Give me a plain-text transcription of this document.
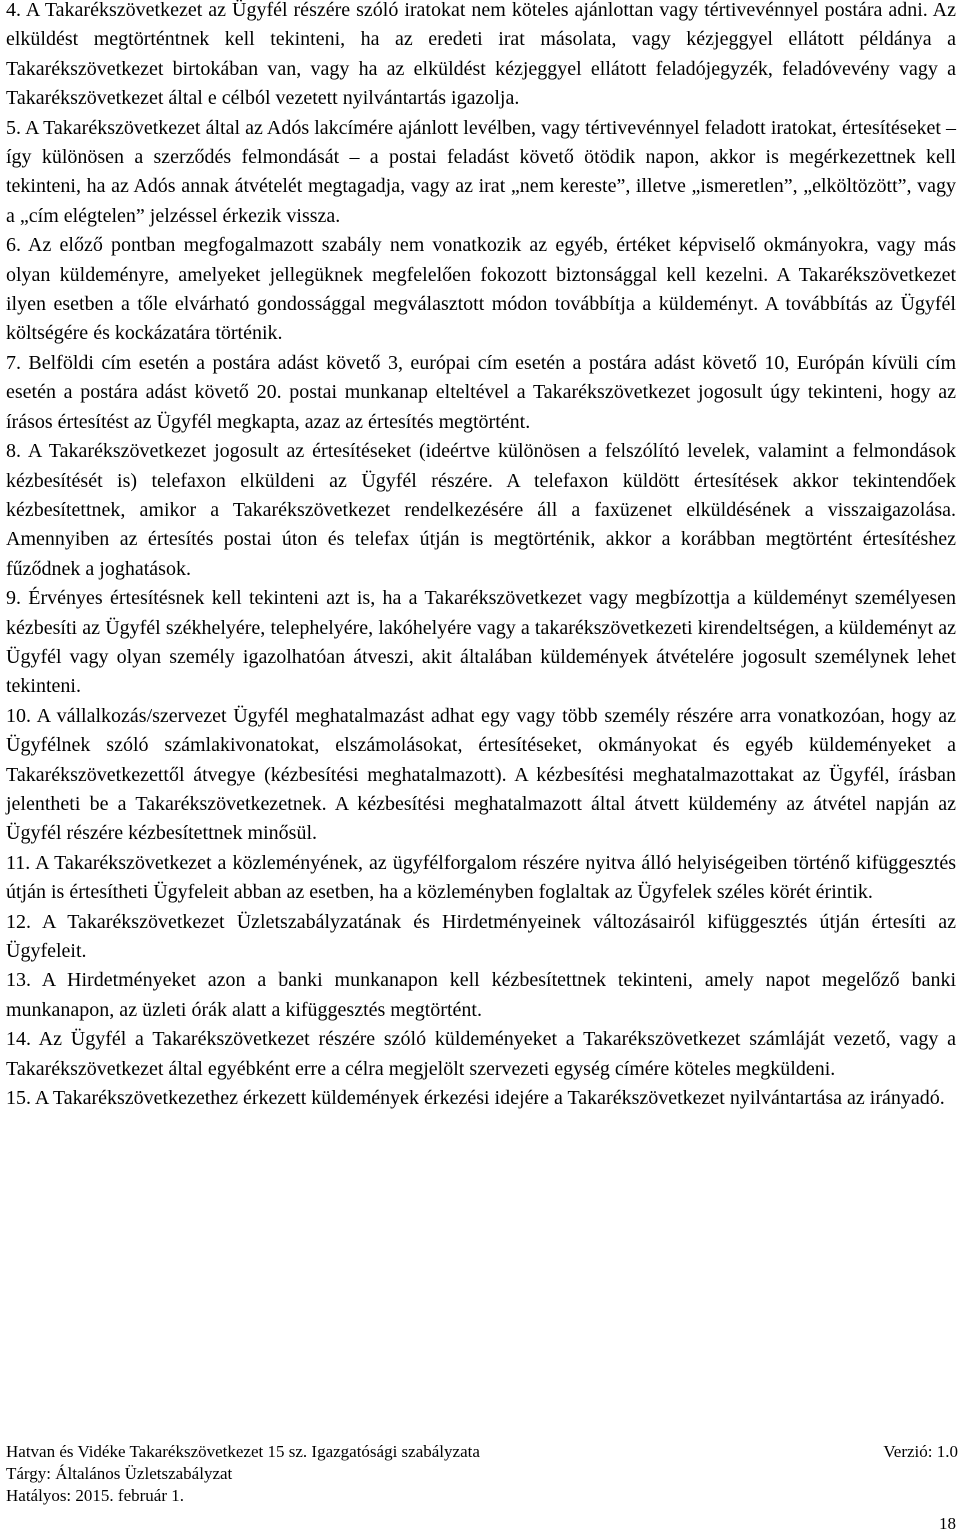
4. A Takarékszövetkezet az Ügyfél részére szóló iratokat nem köteles ajánlottan vagy tértivevénnyel postára adni. Az elküldést megtörténtnek kell tekinteni, ha az eredeti irat másolata, vagy kézjeggyel ellátott példánya a Takarékszövetkezet birtokában van, vagy ha az elküldést kézjeggyel ellátott feladójegyzék, feladóvevény vagy a Takarékszövetkezet által e célból vezetett nyilvántartás igazolja.

5. A Takarékszövetkezet által az Adós lakcímére ajánlott levélben, vagy tértivevénnyel feladott iratokat, értesítéseket – így különösen a szerződés felmondását – a postai feladást követő ötödik napon, akkor is megérkezettnek kell tekinteni, ha az Adós annak átvételét megtagadja, vagy az irat „nem kereste”, illetve „ismeretlen”, „elköltözött”, vagy a „cím elégtelen” jelzéssel érkezik vissza.

6. Az előző pontban megfogalmazott szabály nem vonatkozik az egyéb, értéket képviselő okmányokra, vagy más olyan küldeményre, amelyeket jellegüknek megfelelően fokozott biztonsággal kell kezelni. A Takarékszövetkezet ilyen esetben a tőle elvárható gondossággal megválasztott módon továbbítja a küldeményt. A továbbítás az Ügyfél költségére és kockázatára történik.

7. Belföldi cím esetén a postára adást követő 3, európai cím esetén a postára adást követő 10, Európán kívüli cím esetén a postára adást követő 20. postai munkanap elteltével a Takarékszövetkezet jogosult úgy tekinteni, hogy az írásos értesítést az Ügyfél megkapta, azaz az értesítés megtörtént.

8. A Takarékszövetkezet jogosult az értesítéseket (ideértve különösen a felszólító levelek, valamint a felmondások kézbesítését is) telefaxon elküldeni az Ügyfél részére. A telefaxon küldött értesítések akkor tekintendőek kézbesítettnek, amikor a Takarékszövetkezet rendelkezésére áll a faxüzenet elküldésének a visszaigazolása. Amennyiben az értesítés postai úton és telefax útján is megtörténik, akkor a korábban megtörtént értesítéshez fűződnek a joghatások.

9. Érvényes értesítésnek kell tekinteni azt is, ha a Takarékszövetkezet vagy megbízottja a küldeményt személyesen kézbesíti az Ügyfél székhelyére, telephelyére, lakóhelyére vagy a takarékszövetkezeti kirendeltségen, a küldeményt az Ügyfél vagy olyan személy igazolhatóan átveszi, akit általában küldemények átvételére jogosult személynek lehet tekinteni.

10. A vállalkozás/szervezet Ügyfél meghatalmazást adhat egy vagy több személy részére arra vonatkozóan, hogy az Ügyfélnek szóló számlakivonatokat, elszámolásokat, értesítéseket, okmányokat és egyéb küldeményeket a Takarékszövetkezettől átvegye (kézbesítési meghatalmazott). A kézbesítési meghatalmazottakat az Ügyfél, írásban jelentheti be a Takarékszövetkezetnek. A kézbesítési meghatalmazott által átvett küldemény az átvétel napján az Ügyfél részére kézbesítettnek minősül.

11. A Takarékszövetkezet a közleményének, az ügyfélforgalom részére nyitva álló helyiségeiben történő kifüggesztés útján is értesítheti Ügyfeleit abban az esetben, ha a közleményben foglaltak az Ügyfelek széles körét érintik.

12. A Takarékszövetkezet Üzletszabályzatának és Hirdetményeinek változásairól kifüggesztés útján értesíti az Ügyfeleit.

13. A Hirdetményeket azon a banki munkanapon kell kézbesítettnek tekinteni, amely napot megelőző banki munkanapon, az üzleti órák alatt a kifüggesztés megtörtént.

14. Az Ügyfél a Takarékszövetkezet részére szóló küldeményeket a Takarékszövetkezet számláját vezető, vagy a Takarékszövetkezet által egyébként erre a célra megjelölt szervezeti egység címére köteles megküldeni.

15. A Takarékszövetkezethez érkezett küldemények érkezési idejére a Takarékszövetkezet nyilvántartása az irányadó.

Hatvan és Vidéke Takarékszövetkezet 15 sz. Igazgatósági szabályzata	Verzió: 1.0
Tárgy: Általános Üzletszabályzat
Hatályos: 2015. február 1.
18
